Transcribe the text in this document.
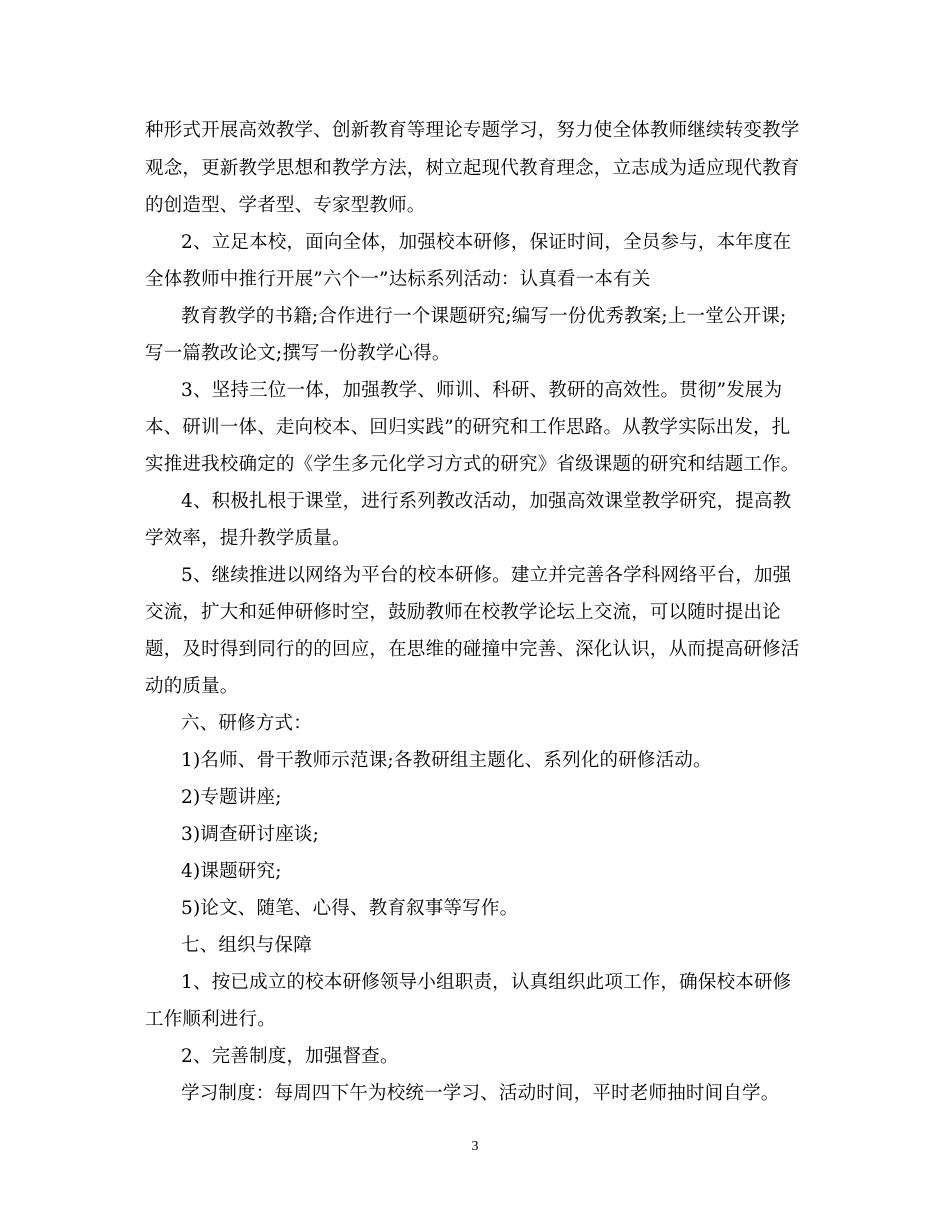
种形式开展高效教学、创新教育等理论专题学习，努力使全体教师继续转变教学
观念，更新教学思想和教学方法，树立起现代教育理念，立志成为适应现代教育
的创造型、学者型、专家型教师。
2、立足本校，面向全体，加强校本研修，保证时间，全员参与，本年度在
全体教师中推行开展”六个一”达标系列活动：认真看一本有关
教育教学的书籍;合作进行一个课题研究;编写一份优秀教案;上一堂公开课;
写一篇教改论文;撰写一份教学心得。
3、坚持三位一体，加强教学、师训、科研、教研的高效性。贯彻”发展为
本、研训一体、走向校本、回归实践”的研究和工作思路。从教学实际出发，扎
实推进我校确定的《学生多元化学习方式的研究》省级课题的研究和结题工作。
4、积极扎根于课堂，进行系列教改活动，加强高效课堂教学研究，提高教
学效率，提升教学质量。
5、继续推进以网络为平台的校本研修。建立并完善各学科网络平台，加强
交流，扩大和延伸研修时空，鼓励教师在校教学论坛上交流，可以随时提出论
题，及时得到同行的的回应，在思维的碰撞中完善、深化认识，从而提高研修活
动的质量。
六、研修方式：
1)名师、骨干教师示范课;各教研组主题化、系列化的研修活动。
2)专题讲座;
3)调查研讨座谈;
4)课题研究;
5)论文、随笔、心得、教育叙事等写作。
七、组织与保障
1、按已成立的校本研修领导小组职责，认真组织此项工作，确保校本研修
工作顺利进行。
2、完善制度，加强督查。
学习制度：每周四下午为校统一学习、活动时间，平时老师抽时间自学。
3
